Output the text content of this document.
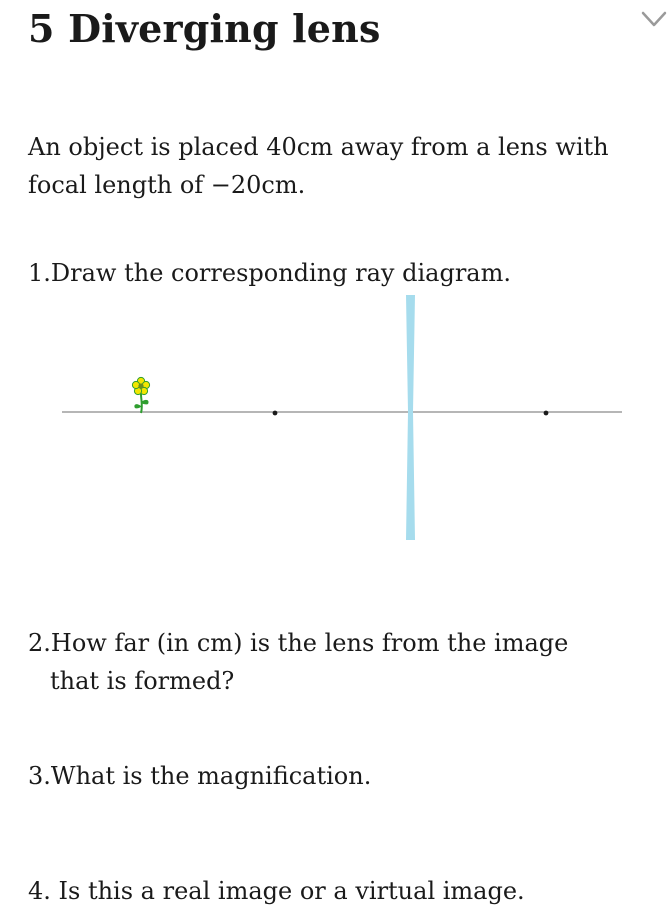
5 Diverging lens

An object is placed 40cm away from a lens with focal length of −20cm.

1.Draw the corresponding ray diagram.

2.How far (in cm) is the lens from the image
that is formed?

3.What is the magnification.

4. Is this a real image or a virtual image.
